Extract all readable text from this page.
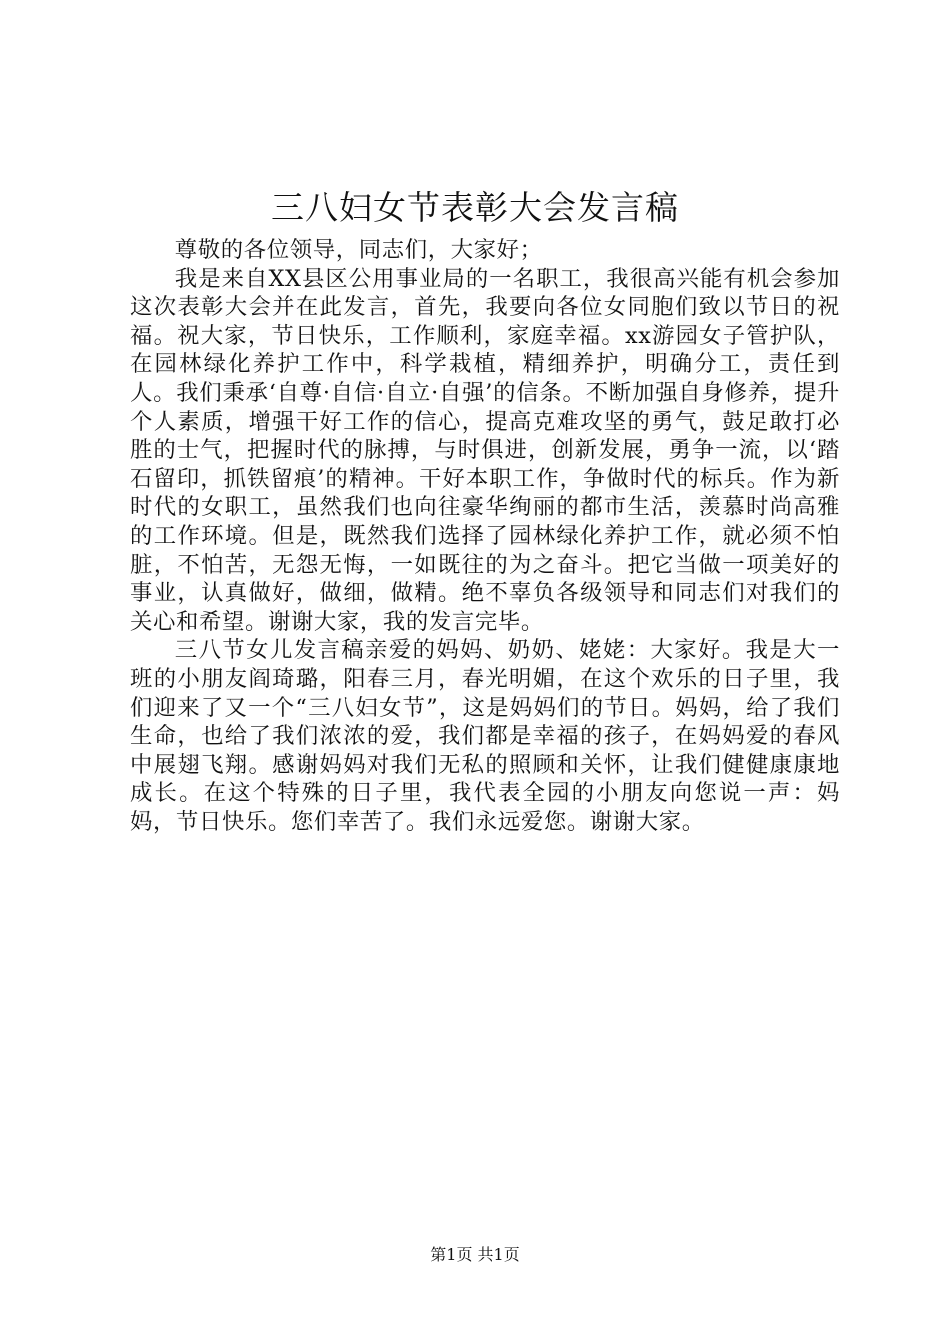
三八妇女节表彰大会发言稿

尊敬的各位领导，同志们，大家好；

我是来自XX县区公用事业局的一名职工，我很高兴能有机会参加这次表彰大会并在此发言，首先，我要向各位女同胞们致以节日的祝福。祝大家，节日快乐，工作顺利，家庭幸福。xx游园女子管护队，在园林绿化养护工作中，科学栽植，精细养护，明确分工，责任到人。我们秉承‘自尊·自信·自立·自强’的信条。不断加强自身修养，提升个人素质，增强干好工作的信心，提高克难攻坚的勇气，鼓足敢打必胜的士气，把握时代的脉搏，与时俱进，创新发展，勇争一流，以‘踏石留印，抓铁留痕’的精神。干好本职工作，争做时代的标兵。作为新时代的女职工，虽然我们也向往豪华绚丽的都市生活，羡慕时尚高雅的工作环境。但是，既然我们选择了园林绿化养护工作，就必须不怕脏，不怕苦，无怨无悔，一如既往的为之奋斗。把它当做一项美好的事业，认真做好，做细，做精。绝不辜负各级领导和同志们对我们的关心和希望。谢谢大家，我的发言完毕。

三八节女儿发言稿亲爱的妈妈、奶奶、姥姥：大家好。我是大一班的小朋友阎琦璐，阳春三月，春光明媚，在这个欢乐的日子里，我们迎来了又一个“三八妇女节”，这是妈妈们的节日。妈妈，给了我们生命，也给了我们浓浓的爱，我们都是幸福的孩子，在妈妈爱的春风中展翅飞翔。感谢妈妈对我们无私的照顾和关怀，让我们健健康康地成长。在这个特殊的日子里，我代表全园的小朋友向您说一声：妈妈，节日快乐。您们幸苦了。我们永远爱您。谢谢大家。

第1页 共1页
